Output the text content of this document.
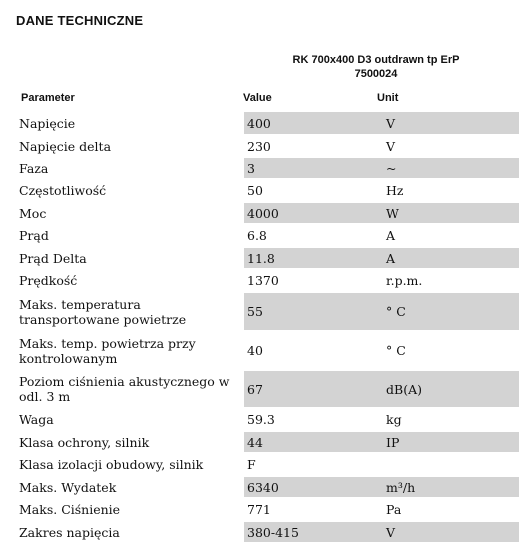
DANE TECHNICZNE
RK 700x400 D3 outdrawn tp ErP
7500024
Parameter	Value	Unit
Napięcie	400	V
Napięcie delta	230	V
Faza	3	~
Częstotliwość	50	Hz
Moc	4000	W
Prąd	6.8	A
Prąd Delta	11.8	A
Prędkość	1370	r.p.m.
Maks. temperatura transportowane powietrze	55	° C
Maks. temp. powietrza przy kontrolowanym	40	° C
Poziom ciśnienia akustycznego w odl. 3 m	67	dB(A)
Waga	59.3	kg
Klasa ochrony, silnik	44	IP
Klasa izolacji obudowy, silnik	F	
Maks. Wydatek	6340	m³/h
Maks. Ciśnienie	771	Pa
Zakres napięcia	380-415	V
